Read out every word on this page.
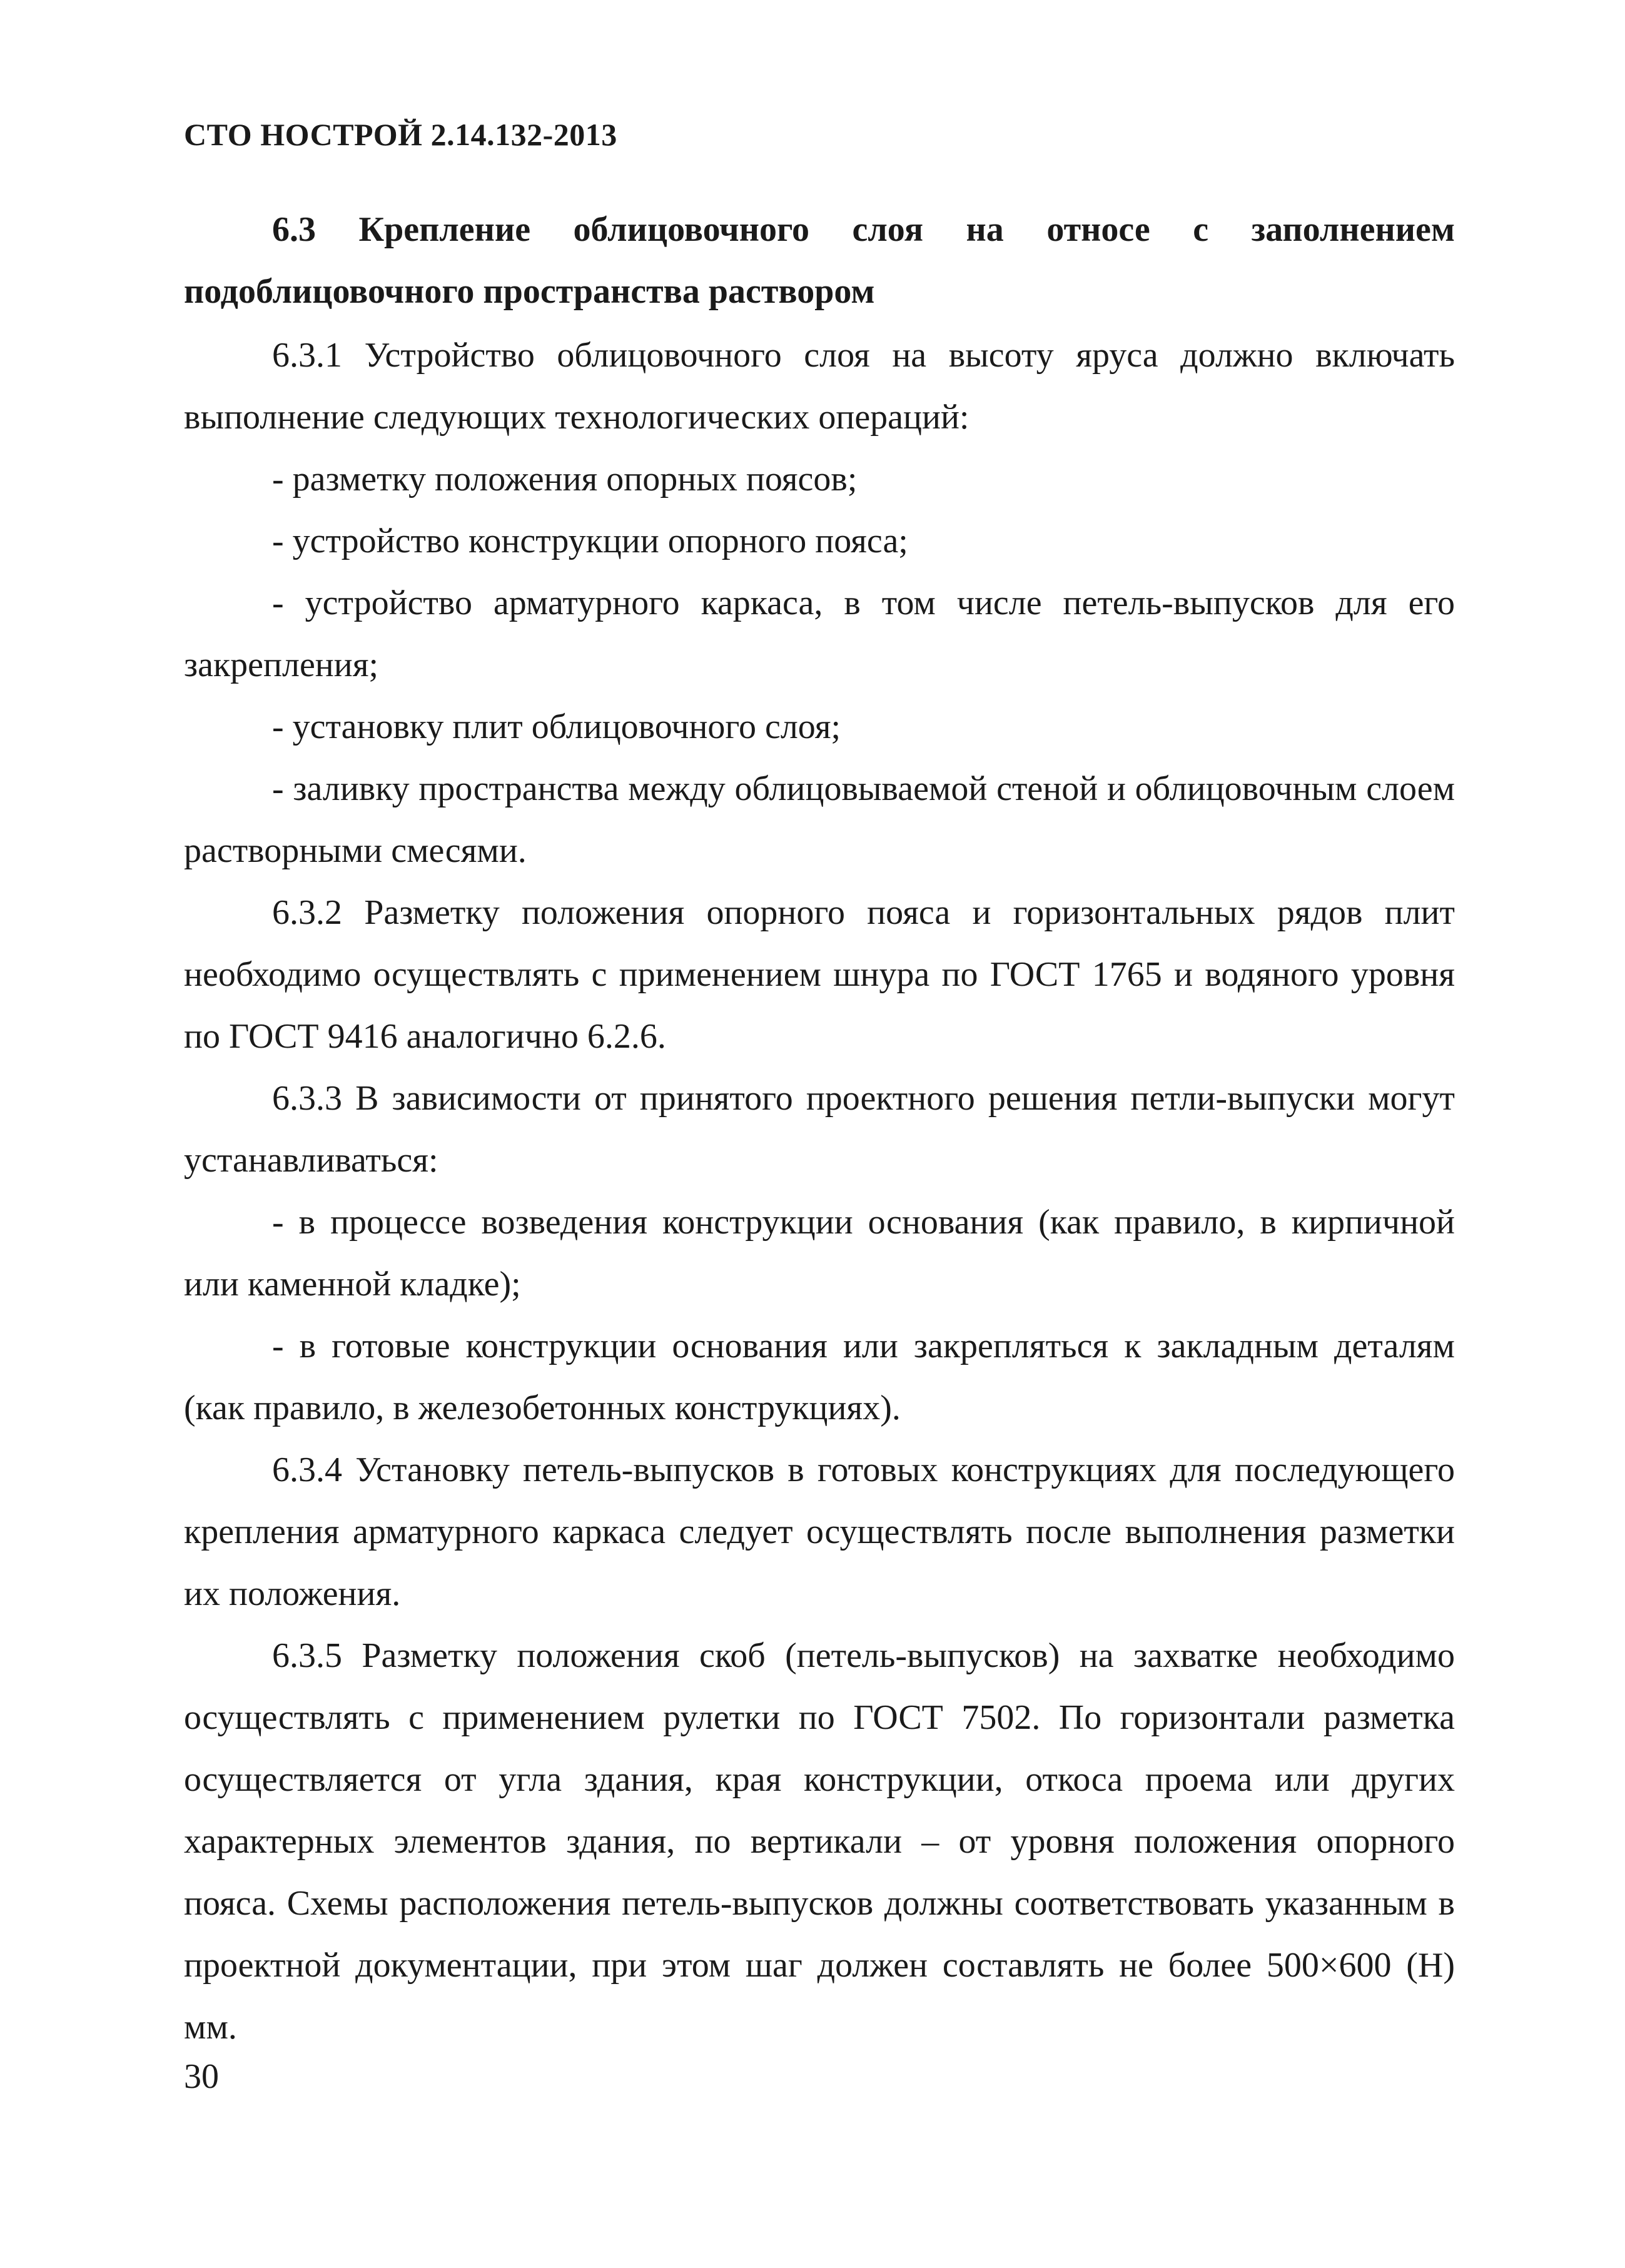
СТО НОСТРОЙ 2.14.132-2013

6.3 Крепление облицовочного слоя на относе с заполнением подоблицовочного пространства раствором

6.3.1 Устройство облицовочного слоя на высоту яруса должно включать выполнение следующих технологических операций:

- разметку положения опорных поясов;

- устройство конструкции опорного пояса;

- устройство арматурного каркаса, в том числе петель-выпусков для его закрепления;

- установку плит облицовочного слоя;

- заливку пространства между облицовываемой стеной и облицовочным слоем растворными смесями.

6.3.2 Разметку положения опорного пояса и горизонтальных рядов плит необходимо осуществлять с применением шнура по ГОСТ 1765 и водяного уровня по ГОСТ 9416 аналогично 6.2.6.

6.3.3 В зависимости от принятого проектного решения петли-выпуски могут устанавливаться:

- в процессе возведения конструкции основания (как правило, в кирпичной или каменной кладке);

- в готовые конструкции основания или закрепляться к закладным деталям (как правило, в железобетонных конструкциях).

6.3.4 Установку петель-выпусков в готовых конструкциях для последующего крепления арматурного каркаса следует осуществлять после выполнения разметки их положения.

6.3.5 Разметку положения скоб (петель-выпусков) на захватке необходимо осуществлять с применением рулетки по ГОСТ 7502. По горизонтали разметка осуществляется от угла здания, края конструкции, откоса проема или других характерных элементов здания, по вертикали – от уровня положения опорного пояса. Схемы расположения петель-выпусков должны соответствовать указанным в проектной документации, при этом шаг должен составлять не более 500×600 (Н) мм.

30
